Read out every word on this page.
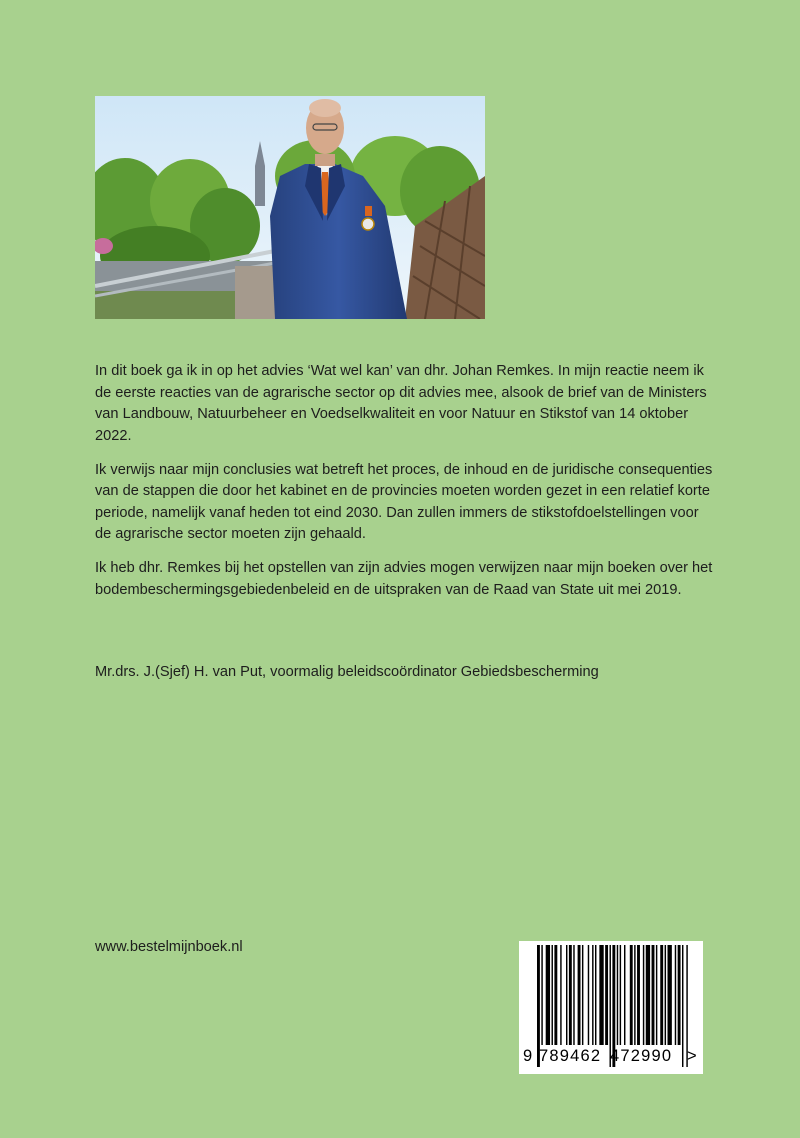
In dit boek ga ik in op het advies ‘Wat wel kan’ van dhr. Johan Remkes. In mijn reactie neem ik de eerste reacties van de agrarische sector op dit advies mee, alsook de brief van de Ministers van Landbouw, Natuurbeheer en Voedselkwaliteit en voor Natuur en Stikstof van 14 oktober 2022.

Ik verwijs naar mijn conclusies wat betreft het proces, de inhoud en de juridische consequenties van de stappen die door het kabinet en de provincies moeten worden gezet in een relatief korte periode, namelijk vanaf heden tot eind 2030. Dan zullen immers de stikstofdoelstellingen voor de agrarische sector moeten zijn gehaald.

Ik heb dhr. Remkes bij het opstellen van zijn advies mogen verwijzen naar mijn boeken over het bodembeschermingsgebiedenbeleid en de uitspraken van de Raad van State uit mei 2019.

Mr.drs. J.(Sjef) H. van Put, voormalig beleidscoördinator Gebiedsbescherming

www.bestelmijnboek.nl
9 789462 472990 >
